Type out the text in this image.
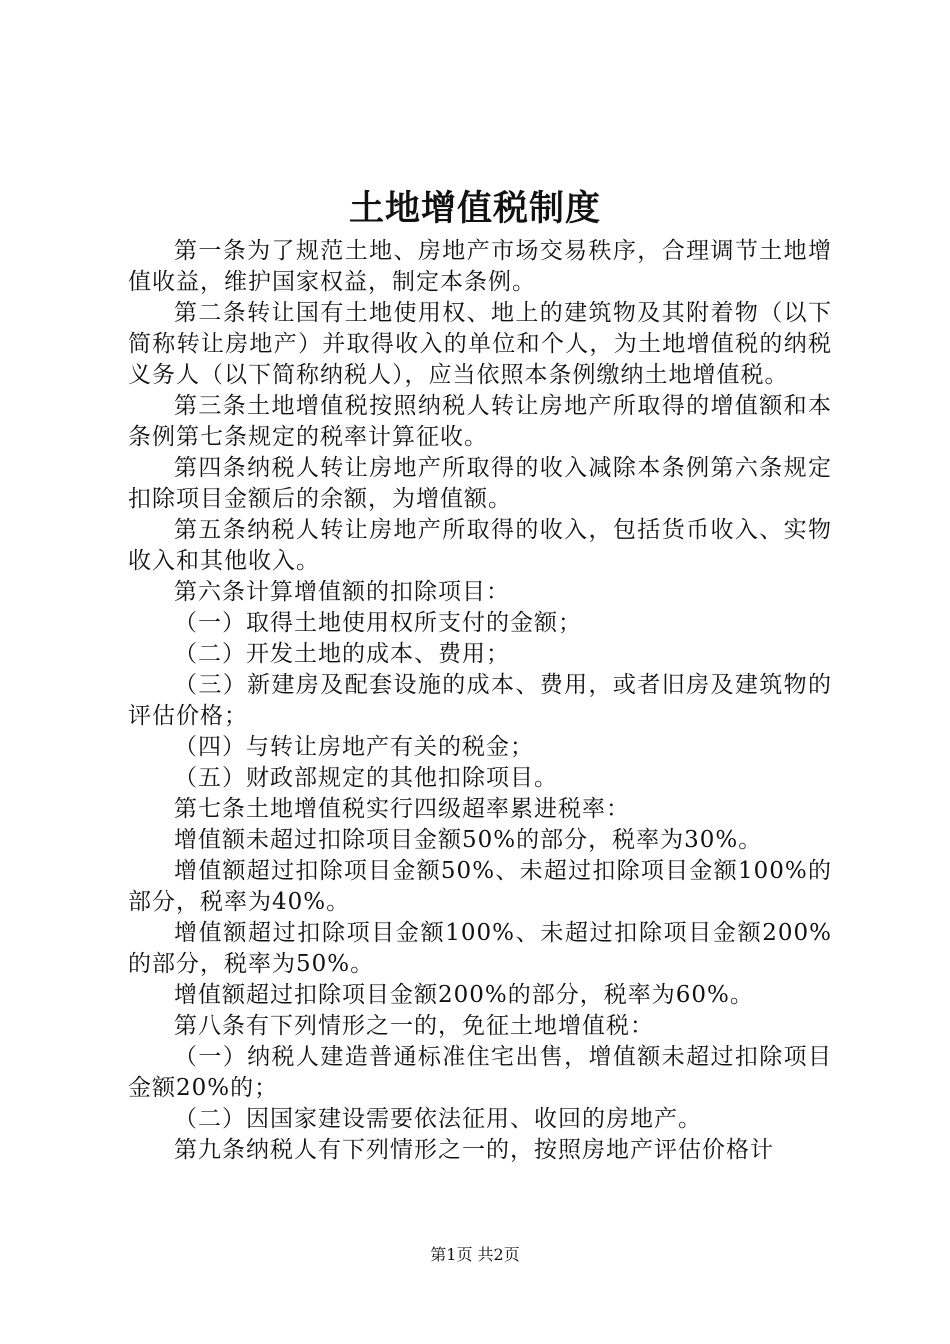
土地增值税制度

第一条为了规范土地、房地产市场交易秩序，合理调节土地增值收益，维护国家权益，制定本条例。

第二条转让国有土地使用权、地上的建筑物及其附着物（以下简称转让房地产）并取得收入的单位和个人，为土地增值税的纳税义务人（以下简称纳税人），应当依照本条例缴纳土地增值税。

第三条土地增值税按照纳税人转让房地产所取得的增值额和本条例第七条规定的税率计算征收。

第四条纳税人转让房地产所取得的收入减除本条例第六条规定扣除项目金额后的余额，为增值额。

第五条纳税人转让房地产所取得的收入，包括货币收入、实物收入和其他收入。

第六条计算增值额的扣除项目：

（一）取得土地使用权所支付的金额；

（二）开发土地的成本、费用；

（三）新建房及配套设施的成本、费用，或者旧房及建筑物的评估价格；

（四）与转让房地产有关的税金；

（五）财政部规定的其他扣除项目。

第七条土地增值税实行四级超率累进税率：

增值额未超过扣除项目金额50%的部分，税率为30%。

增值额超过扣除项目金额50%、未超过扣除项目金额100%的部分，税率为40%。

增值额超过扣除项目金额100%、未超过扣除项目金额200%的部分，税率为50%。

增值额超过扣除项目金额200%的部分，税率为60%。

第八条有下列情形之一的，免征土地增值税：

（一）纳税人建造普通标准住宅出售，增值额未超过扣除项目金额20%的；

（二）因国家建设需要依法征用、收回的房地产。

第九条纳税人有下列情形之一的，按照房地产评估价格计

第1页 共2页
